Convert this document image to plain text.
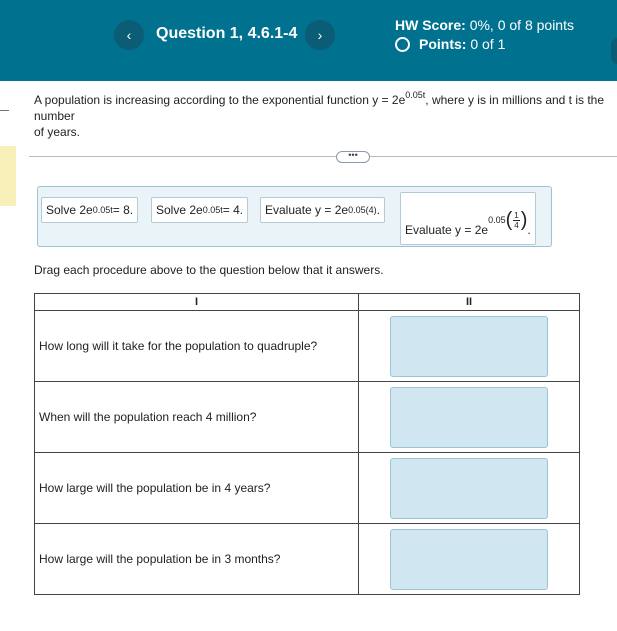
‹ Question 1, 4.6.1-4 ›
HW Score: 0%, 0 of 8 points
Points:
0 of 1
A population is increasing according to the exponential function $y = 2e^{0.05t}$, where y is in millions and t is the number
of years.
•••
Solve 2e 0.05t = 8. Solve 2e 0.05t = 4. Evaluate y = 2e 0.05(4) .
Evaluate y = 2e
0.05 ( $\frac{1}{4}$ ) .
Drag each procedure above to the question below that it answers.
I	II
How long will it take for the population to quadruple?	

When will the population reach 4 million?	

How large will the population be in 4 years?	

How large will the population be in 3 months?	
